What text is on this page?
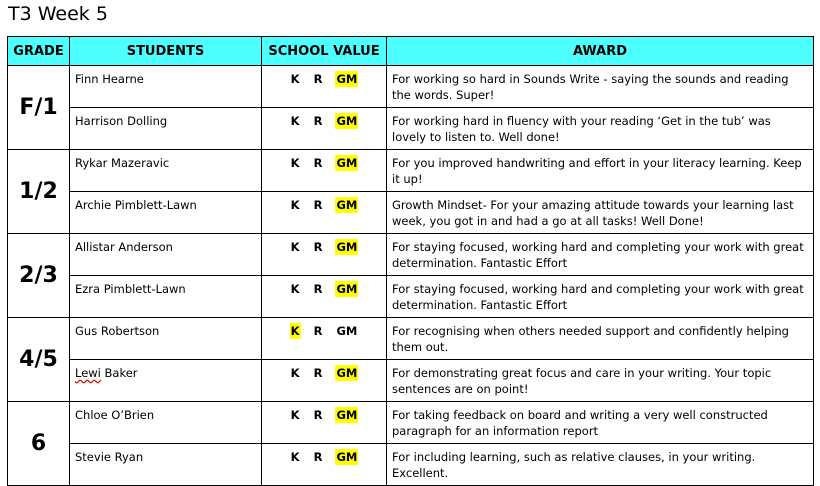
T3 Week 5
GRADE	STUDENTS	SCHOOL VALUE	AWARD
F/1	Finn Hearne	K R GM	For working so hard in Sounds Write - saying the sounds and reading the words. Super!
	Harrison Dolling	K R GM	For working hard in fluency with your reading ‘Get in the tub’ was lovely to listen to. Well done!
1/2	Rykar Mazeravic	K R GM	For you improved handwriting and effort in your literacy learning. Keep it up!
	Archie Pimblett-Lawn	K R GM	Growth Mindset- For your amazing attitude towards your learning last week, you got in and had a go at all tasks! Well Done!
2/3	Allistar Anderson	K R GM	For staying focused, working hard and completing your work with great determination. Fantastic Effort
	Ezra Pimblett-Lawn	K R GM	For staying focused, working hard and completing your work with great determination. Fantastic Effort
4/5	Gus Robertson	K R GM	For recognising when others needed support and confidently helping them out.
	Lewi Baker	K R GM	For demonstrating great focus and care in your writing. Your topic sentences are on point!
6	Chloe O’Brien	K R GM	For taking feedback on board and writing a very well constructed paragraph for an information report
	Stevie Ryan	K R GM	For including learning, such as relative clauses, in your writing. Excellent.
